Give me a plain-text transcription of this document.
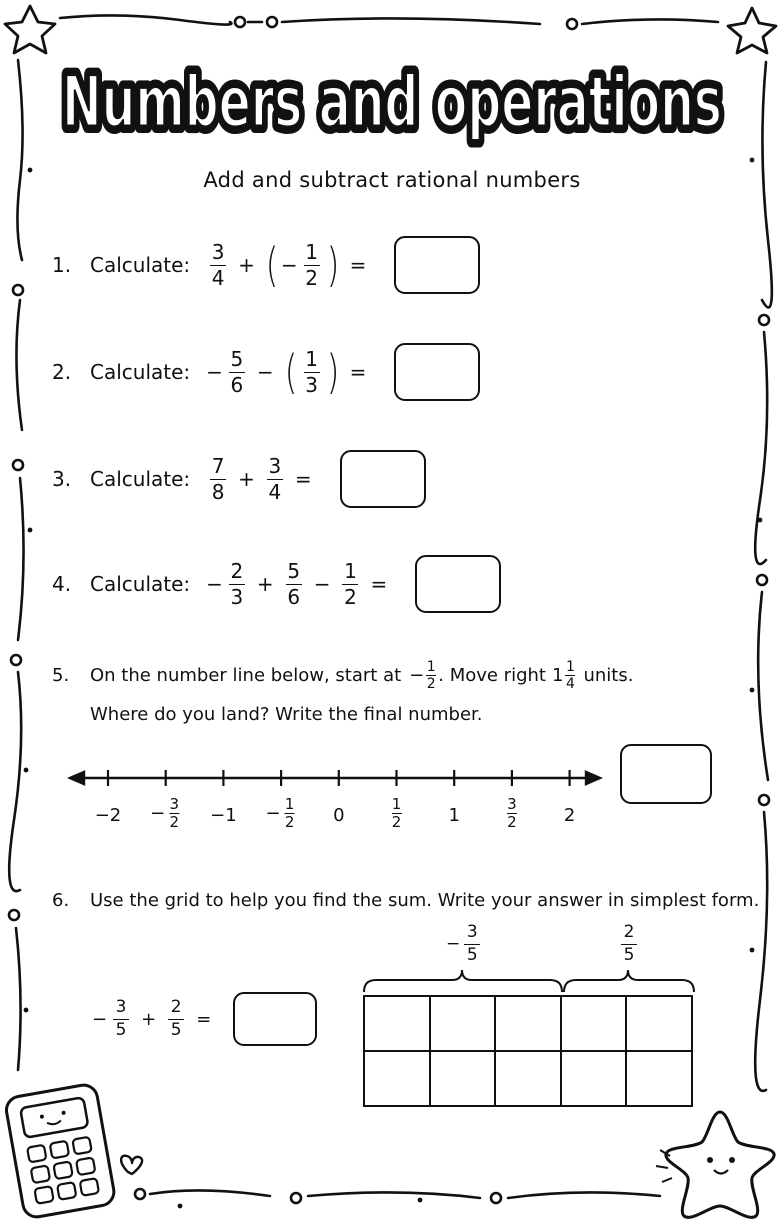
Numbers and operations
Numbers and operations
Add and subtract rational numbers
1. Calculate: $\frac{3}{4}$ + ( − $\frac{1}{2}$ ) =
2. Calculate: − $\frac{5}{6}$ − ( $\frac{1}{3}$ ) =
3. Calculate: $\frac{7}{8} + \frac{3}{4}$ =
4. Calculate: − $\frac{2}{3} + \frac{5}{6} - \frac{1}{2}$ =
5.	On the number line below, start at − $\frac{1}{2}$ . Move right $1 \frac{1}{4}$ units.
Where do you land? Write the final number.
$-2 - \frac{3}{2} -1 - \frac{1}{2} 0$	$\frac{1}{2}$	1	$\frac{3}{2}$	2
6.	Use the grid to help you find the sum. Write your answer in simplest form.
− $\frac{3}{5} + \frac{2}{5}$ =
− $\frac{3}{5}$	$\frac{2}{5}$
